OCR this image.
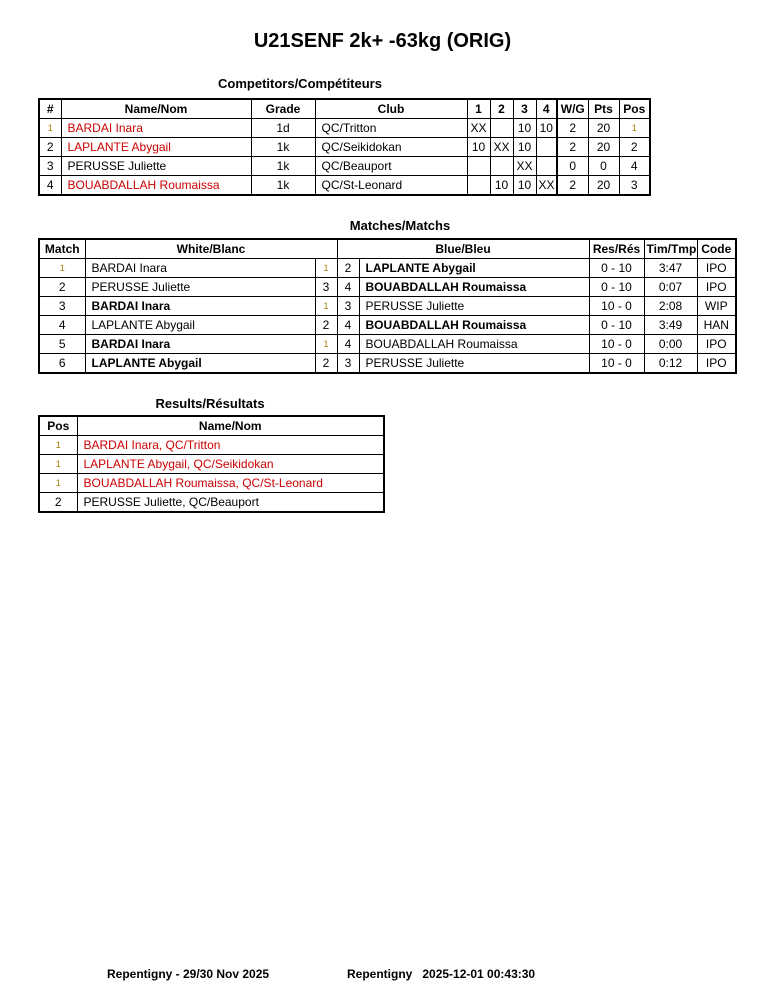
U21SENF 2k+ -63kg (ORIG)
Competitors/Compétiteurs
#	Name/Nom	Grade	Club	1	2	3	4	W/G	Pts	Pos
1	BARDAI Inara	1d	QC/Tritton	XX		10	10	2	20	1
2	LAPLANTE Abygail	1k	QC/Seikidokan	10	XX	10		2	20	2
3	PERUSSE Juliette	1k	QC/Beauport			XX		0	0	4
4	BOUABDALLAH Roumaissa	1k	QC/St-Leonard		10	10	XX	2	20	3
Matches/Matchs
Match	White/Blanc		Blue/Bleu		Res/Rés	Tim/Tmp	Code
1	BARDAI Inara	1	2	LAPLANTE Abygail	0 - 10	3:47	IPO
2	PERUSSE Juliette	3	4	BOUABDALLAH Roumaissa	0 - 10	0:07	IPO
3	BARDAI Inara	1	3	PERUSSE Juliette	10 - 0	2:08	WIP
4	LAPLANTE Abygail	2	4	BOUABDALLAH Roumaissa	0 - 10	3:49	HAN
5	BARDAI Inara	1	4	BOUABDALLAH Roumaissa	10 - 0	0:00	IPO
6	LAPLANTE Abygail	2	3	PERUSSE Juliette	10 - 0	0:12	IPO
Results/Résultats
Pos	Name/Nom
1	BARDAI Inara, QC/Tritton
1	LAPLANTE Abygail, QC/Seikidokan
1	BOUABDALLAH Roumaissa, QC/St-Leonard
2	PERUSSE Juliette, QC/Beauport
Repentigny - 29/30 Nov 2025	Repentigny   2025-12-01 00:43:30
